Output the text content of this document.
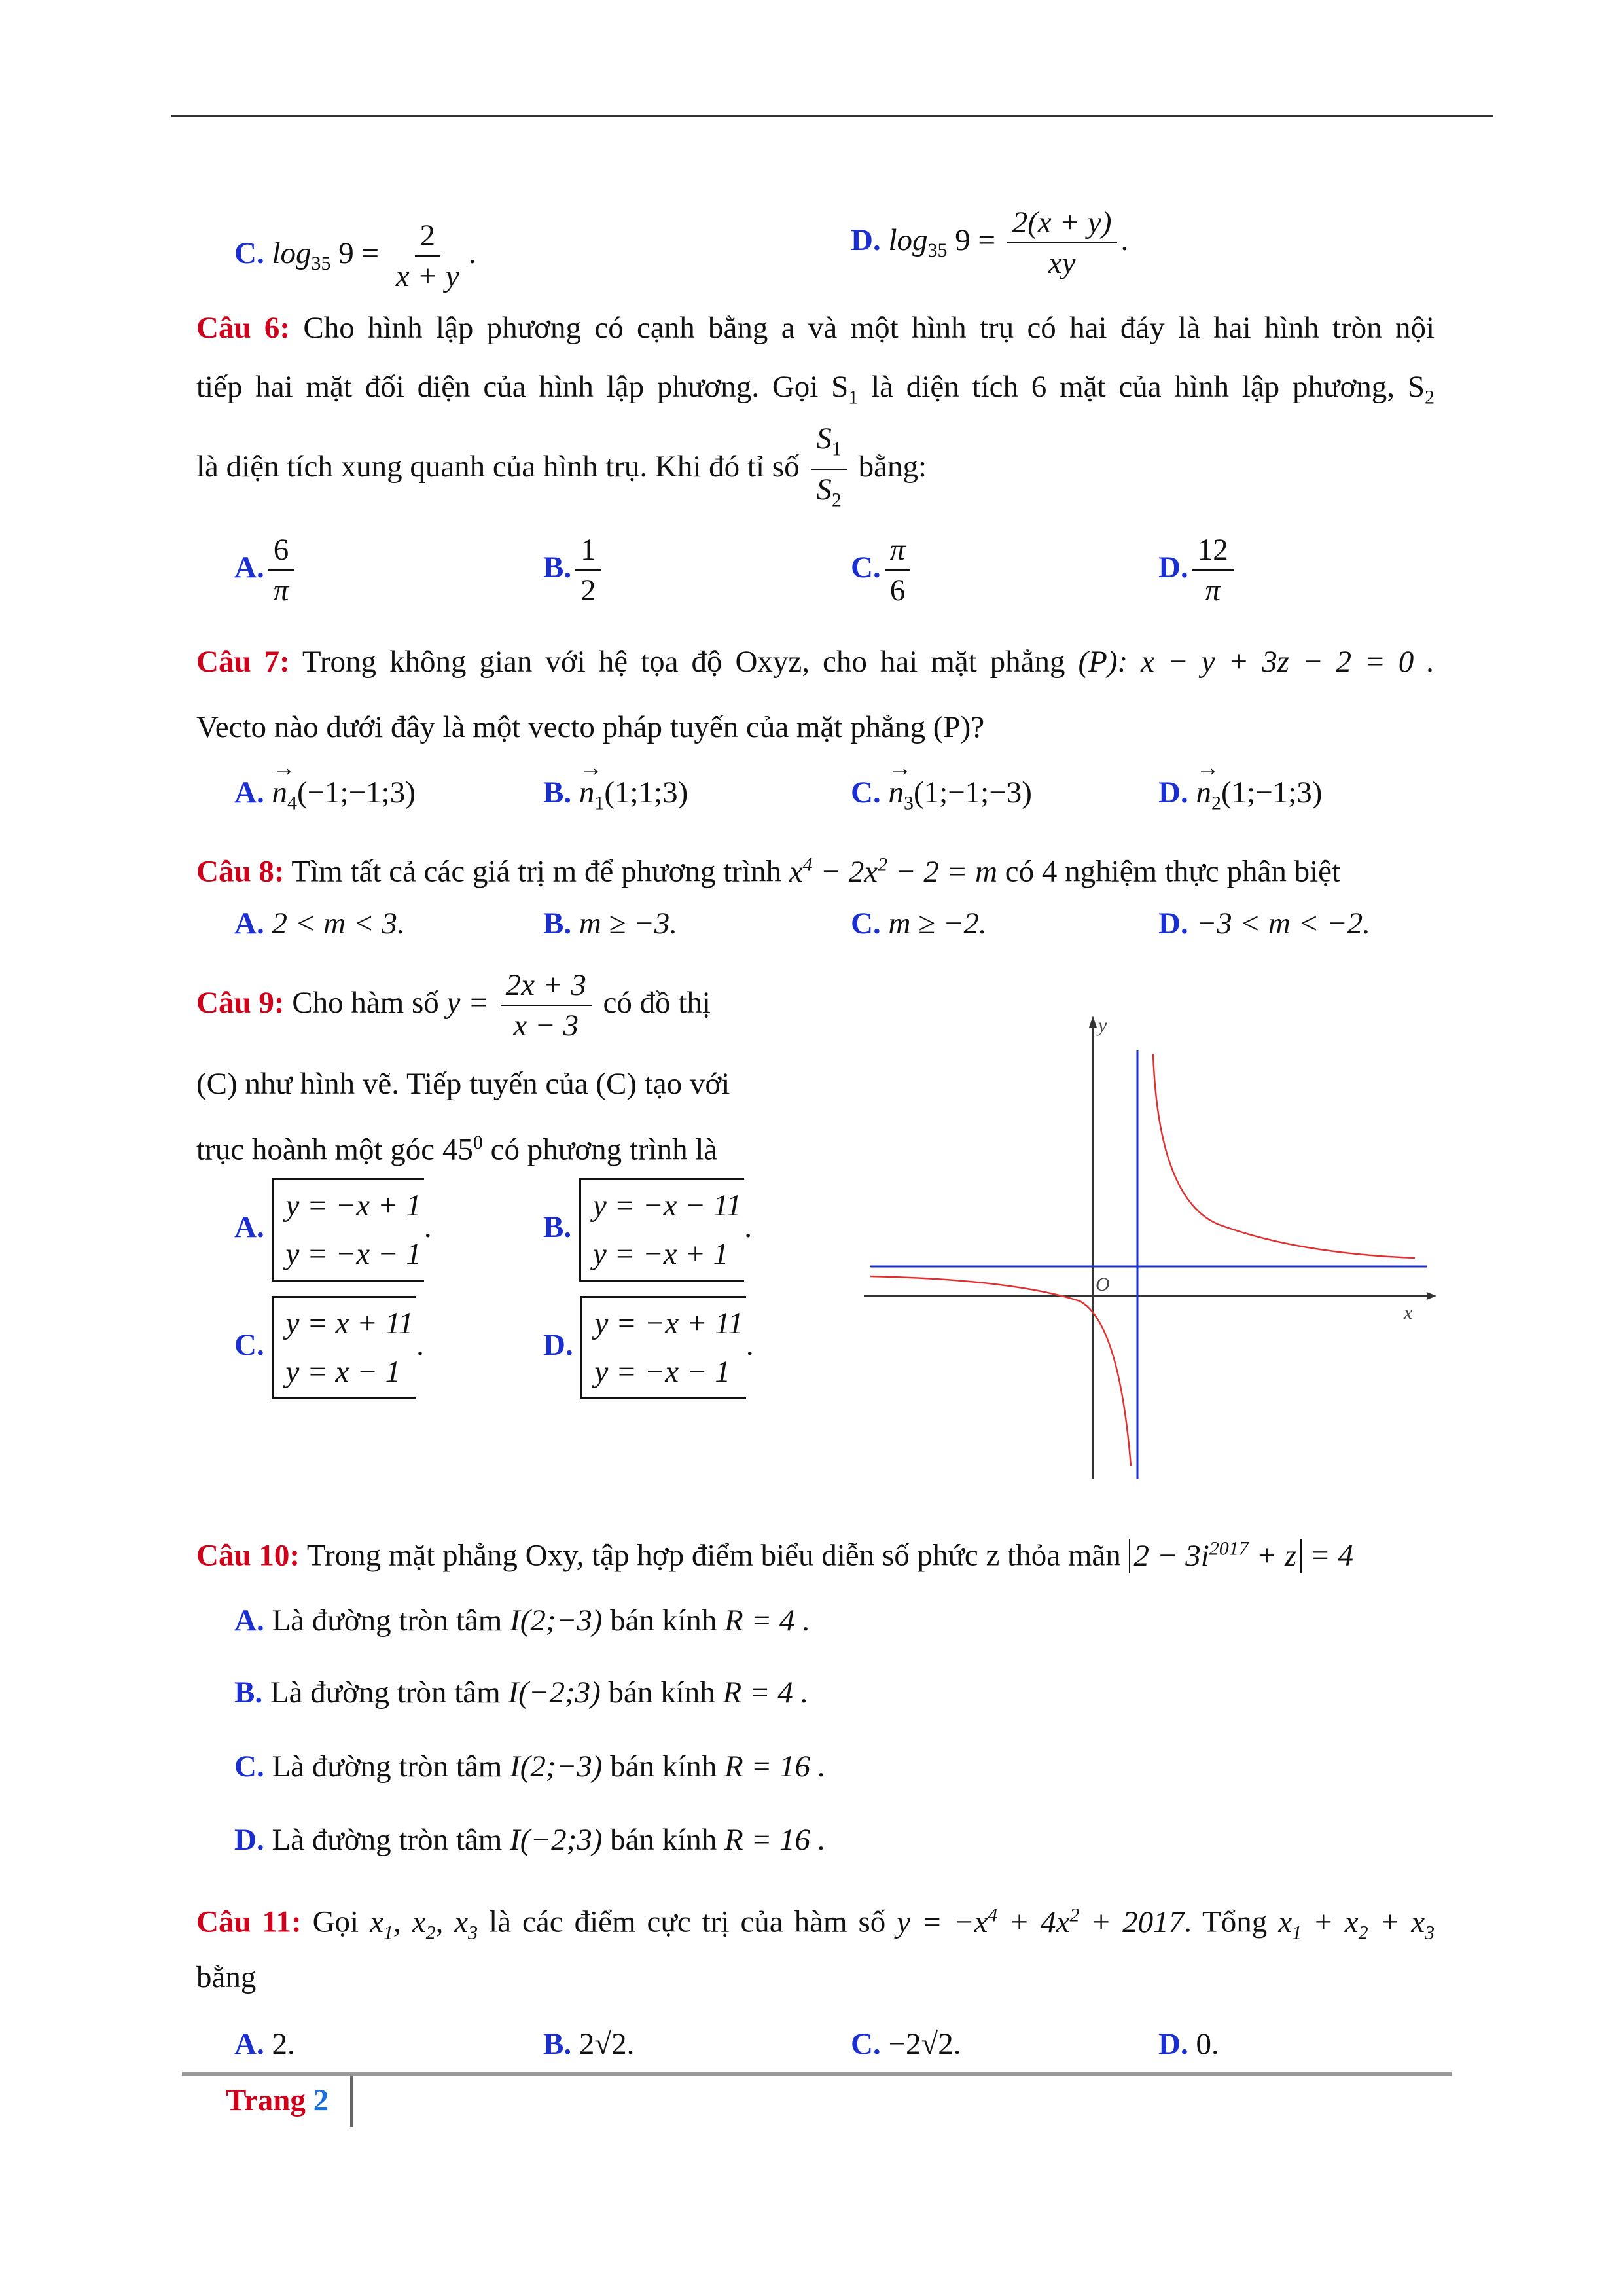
C. $\log_{35} 9 = \frac{2}{x + y}$ .	D. $\log_{35} 9 = \frac{2(x + y)}{xy}$ .
Câu 6: Cho hình lập phương có cạnh bằng a và một hình trụ có hai đáy là hai hình tròn nội
tiếp hai mặt đối diện của hình lập phương. Gọi $S_1$ là diện tích 6 mặt của hình lập phương, $S_2$
là diện tích xung quanh của hình trụ. Khi đó tỉ số $\frac{S_1}{S_2}$ bằng:
A. $\frac{6}{\pi}$	B. $\frac{1}{2}$	C. $\frac{\pi}{6}$	D. $\frac{12}{\pi}$
Câu 7: Trong không gian với hệ tọa độ Oxyz, cho hai mặt phẳng (P): x − y + 3z − 2 = 0 .
Vecto nào dưới đây là một vecto pháp tuyến của mặt phẳng (P)?
A. → $n_4(-1;-1;3)$	B. → $n_1(1;1;3)$	C. → $n_3(1;-1;-3)$	D. → $n_2(1;-1;3)$
Câu 8: Tìm tất cả các giá trị m để phương trình $x^4 - 2x^2 - 2 = m$ có 4 nghiệm thực phân biệt
A. 2 < m < 3.	B. m ≥ −3.	C. m ≥ −2.	D. −3 < m < −2.
Câu 9: Cho hàm số $y = \frac{2x + 3}{x - 3}$ có đồ thị
(C) như hình vẽ. Tiếp tuyến của (C) tạo với
trục hoành một góc $45^0$ có phương trình là
A. y = −x + 1
y = −x − 1.	B. y = −x − 11
y = −x + 1.
C. y = x + 11
y = x − 1.	D. y = −x + 11
y = −x − 1.
y
x
O
Câu 10: Trong mặt phẳng Oxy, tập hợp điểm biểu diễn số phức z thỏa mãn $2 - 3i^{2017} + z = 4$
A. Là đường tròn tâm I(2;−3) bán kính R = 4 .
B. Là đường tròn tâm I(−2;3) bán kính R = 4 .
C. Là đường tròn tâm I(2;−3) bán kính R = 16 .
D. Là đường tròn tâm I(−2;3) bán kính R = 16 .
Câu 11: Gọi $x_1$, $x_2$, $x_3$ là các điểm cực trị của hàm số $y = -x^4 + 4x^2 + 2017$. Tổng $x_1 + x_2 + x_3$
bằng
A. 2.	B. 2√2.	C. −2√2.	D. 0.
Trang 2
